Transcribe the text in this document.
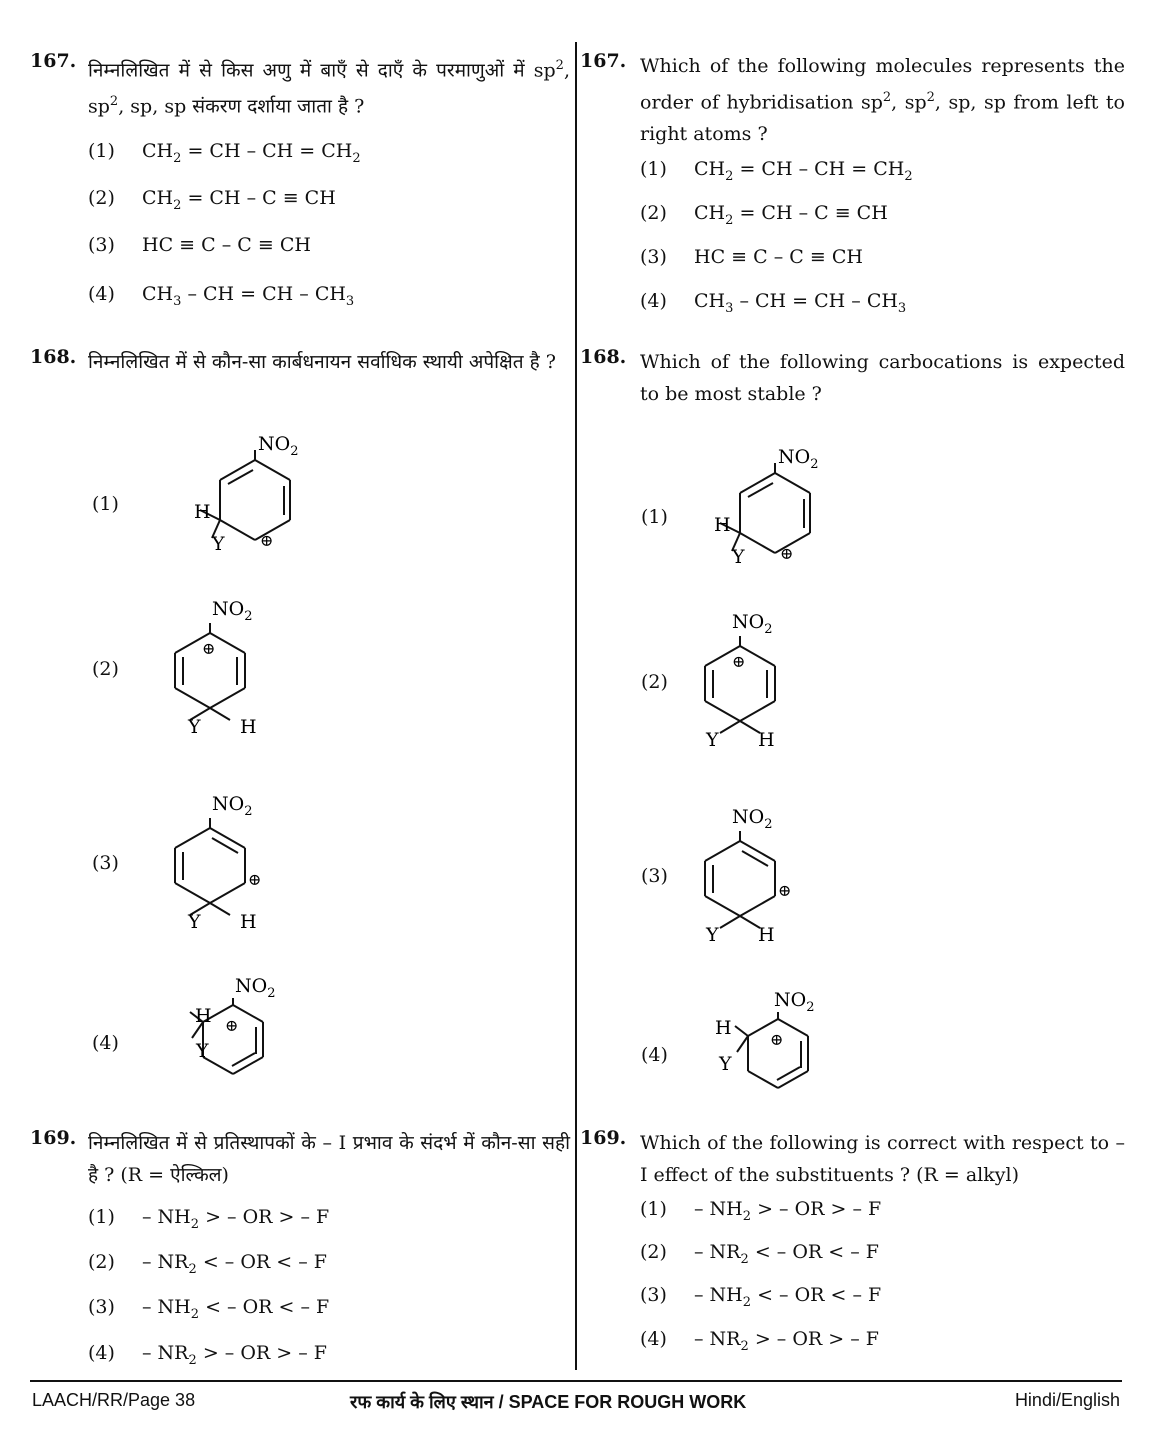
167. निम्नलिखित में से किस अणु में बाएँ से दाएँ के परमाणुओं में $sp^2$, $sp^2$, sp, sp संकरण दर्शाया जाता है ?
(1) $CH_2$ = CH – CH = $CH_2$
(2) $CH_2$ = CH – C ≡ CH
(3) HC ≡ C – C ≡ CH
(4) $CH_3$ – CH = CH – $CH_3$
168. निम्नलिखित में से कौन-सा कार्बधनायन सर्वाधिक स्थायी अपेक्षित है ?
(1)
(2)
(3)
(4)
$NO_2$
H
Y ⊕
$NO_2$
⊕
Y H
$NO_2$
⊕
Y H
$NO_2$
⊕
H
Y
169. निम्नलिखित में से प्रतिस्थापकों के – I प्रभाव के संदर्भ में कौन-सा सही है ? (R = ऐल्किल)
$(1) - NH_2$ > – OR > – F
$(2) - NR_2$ < – OR < – F
$(3) - NH_2$ < – OR < – F
$(4) - NR_2$ > – OR > – F
167. Which of the following molecules represents the order of hybridisation $sp^2$, $sp^2$, sp, sp from left to right atoms ?
(1) $CH_2$ = CH – CH = $CH_2$
(2) $CH_2$ = CH – C ≡ CH
(3) HC ≡ C – C ≡ CH
(4) $CH_3$ – CH = CH – $CH_3$
168. Which of the following carbocations is expected to be most stable ?
(1)
(2)
(3)
(4)
$NO_2$
H
Y ⊕
$NO_2$
⊕
Y H
$NO_2$
⊕
Y H
$NO_2$
⊕
H
Y
169. Which of the following is correct with respect to – I effect of the substituents ? (R = alkyl)
$(1) - NH_2$ > – OR > – F
$(2) - NR_2$ < – OR < – F
$(3) - NH_2$ < – OR < – F
$(4) - NR_2$ > – OR > – F
LAACH/RR/Page 38	रफ कार्य के लिए स्थान / SPACE FOR ROUGH WORK	Hindi/English
